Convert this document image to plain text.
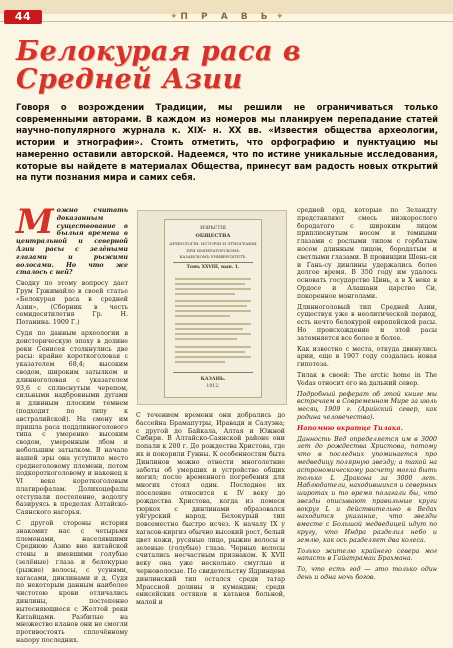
44	П Р А В Ь
✦	✦
Белокурая раса в Средней Азии

Говоря о возрождении Традиции, мы решили не ограничиваться только современными авторами. В каждом из номеров мы планируем перепадание статей научно-популярного журнала к. XIX- н. XX вв. «Известия общества археологии, истории и этнографии». Стоить отметить, что орфографию и пунктуацию мы намеренно оставили авторской. Надеемся, что по истине уникальные исследования, которые вы найдете в материалах Общества, принесут вам радость новых открытий на пути познания мира и самих себя.

Можно считать доказанным существование в былыя времена в центральной и северной Азии расы с зелёными глазами и рыжими волосами. Но что же сталось с ней?

Сводку по этому вопросу дает Грум Гржимайло в своей статье «Белокурая раса в средней Азии», (Сборник в честь семидесятилетия Гр. Н. Потанина. 1909 Г.)

Судя по данным археологии в доисторическую эпоху в долине реки Сенисея столкнулись две расы: крайне короткоголовая с указателем 68,4; высоким сводом, широким затылком и длинноголовая с указателем 93,6 с сплюснутым черепом, сильными надбровными дугами и длинным плоским темнем (подходит по типу к австралийской). На смену им пришла раса поддлинноголового типа с умеренно высоким сводом, умеренным лбом и небольшим затылком. В начале нашей эры она уступило место среднеголовому племени, потом подкороткоголовому и наконец к VI веке короткоголовым платирефалам. Долихоцефалы отступали постепенно, водолгу базируясь в пределах Алтайско-Саянского нагорья.

С другой стороны история знакомит нас с четырьмя племенами, населявшими Среднюю Азию вне китайской стены и имевшими голубые (зелёные) глаза и белокурые (рыжие) волосы, с усунями, хагасами, динлинами и д. Судя по некоторым данным наиболее чистотою крови отличались динлины, постепенно вытесняющиеся с Желтой реки Китайцами. Разбитые на множество кланов они не смогли противостоять сплочённому напору последних.

ИЗВѢСТІЯ
ОБЩЕСТВА
АРХЕОЛОГІИ, ИСТОРІИ И ЭТНОГРАФІИ
ПРИ ИМПЕРАТОРСКОМЪ
КАЗАНСКОМЪ УНИВЕРСИТЕТѢ.
Томъ XXVIII, вып. 1.
КАЗАНЬ.
1912.

С течением времени они добрались до бассейна Брамапутры, Иравади и Салуэна; с другой до Байкала, Алтая и Южной Сибири. В Алтайско-Саянской районе они попали к 200 г. До рождества Христова, где их и покорили Гунны. К особенностям быта Динлинов можно отнести многолетние забеты об умерших и устройство общих могил; после временного погребения для многих стоял один. Последнее их поселение относится к IV веку до рождества Христова, когда из помеси тюркох с динлинами образовался уйгурский народ. Белокурый тип повсеместно быстро исчез. К началу IX у хагасов-киргиз обычно высокий рост, белый цвет кожи, русяные лицо, рыжие волосы и зеленые (голубые) глаза. Черные волосы считались несчастным признаком. К XVII веку она уже несколько смуглые и черноволосые. По свидетельству Ядринцева динлинский тип остался среди татар Мрассной долины и кумандин; среди енисейских остяков и катанов больной, малой и

средней орд, которые по Зеландту представляют смесь низкорослого бородатого с широким лицом приплюснутым носом и темными глазами с рослыми типом с горбатым носом длинным лицом, бородатым и светлыми глазами. В провинции Шень-си и Гань-су динлины удержались более долгое время. В 350 году им удалось основать государство Цинь, а в X веке в Ордосе и Алашани царство Си, покоренное монголами.

Длинноголовый тип Средней Азии, существуя уже в неолитической период, есть нечто белокурой европейской расы. Но происхождение и этой расы затемняется все более и более.

Как известно с места, откуда двинулись арии, еще в 1907 году создалась новая гипотеза.

Тилак в своей: The arctic home in The Vedas относит его на дальний север.

Подробный реферат об этой книге мы встречаем в Современном Мире за июль месяц 1909 г. (Арийский север, как родина человечества).

Напомню вкратце Тилака.

Данность Вед определяется им в 3000 лет до рождества Христова, потому что в последних упоминается про медведицу полярную звезду; а такой на астрономическому расчету могла быть только L Дракона за 3000 лет. Наблюдатели, находившихся и северных широтах и то время полагали бы, что звезды описывают правильные круги вокруг L и действительно в Ведах находится указание, что звезды вместе с Большой медведицей идут по кругу, что Индра разделил небо и землю, как ось разделяет два колеса.

Только жителю крайнего севера мог напасть в Гайатрамаи Брахмана.

То, что есть год — это только один день и одна ночь богов.
